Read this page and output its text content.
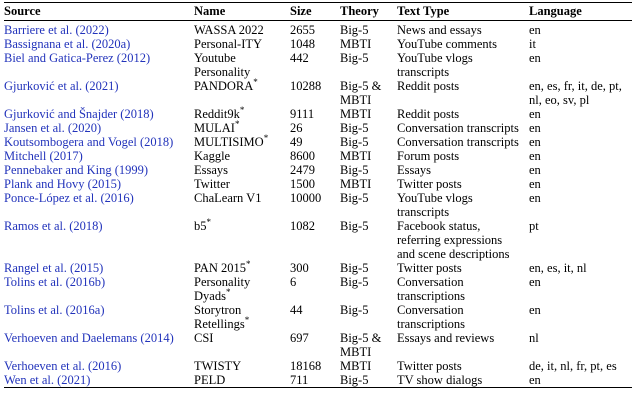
Source	Name	Size	Theory	Text Type	Language
Barriere et al. (2022)	WASSA 2022	2655	Big-5	News and essays	en
Bassignana et al. (2020a)	Personal-ITY	1048	MBTI	YouTube comments	it
Biel and Gatica-Perez (2012)	Youtube Personality	442	Big-5	YouTube vlogs transcripts	en
Gjurković et al. (2021)	PANDORA*	10288	Big-5 & MBTI	Reddit posts	en, es, fr, it, de, pt, nl, eo, sv, pl
Gjurković and Šnajder (2018)	Reddit9k*	9111	MBTI	Reddit posts	en
Jansen et al. (2020)	MULAI*	26	Big-5	Conversation transcripts	en
Koutsombogera and Vogel (2018)	MULTISIMO*	49	Big-5	Conversation transcripts	en
Mitchell (2017)	Kaggle	8600	MBTI	Forum posts	en
Pennebaker and King (1999)	Essays	2479	Big-5	Essays	en
Plank and Hovy (2015)	Twitter	1500	MBTI	Twitter posts	en
Ponce-López et al. (2016)	ChaLearn V1	10000	Big-5	YouTube vlogs transcripts	en
Ramos et al. (2018)	b5*	1082	Big-5	Facebook status, referring expressions and scene descriptions	pt
Rangel et al. (2015)	PAN 2015*	300	Big-5	Twitter posts	en, es, it, nl
Tolins et al. (2016b)	Personality Dyads*	6	Big-5	Conversation transcriptions	en
Tolins et al. (2016a)	Storytron Retellings*	44	Big-5	Conversation transcriptions	en
Verhoeven and Daelemans (2014)	CSI	697	Big-5 & MBTI	Essays and reviews	nl
Verhoeven et al. (2016)	TWISTY	18168	MBTI	Twitter posts	de, it, nl, fr, pt, es
Wen et al. (2021)	PELD	711	Big-5	TV show dialogs	en
